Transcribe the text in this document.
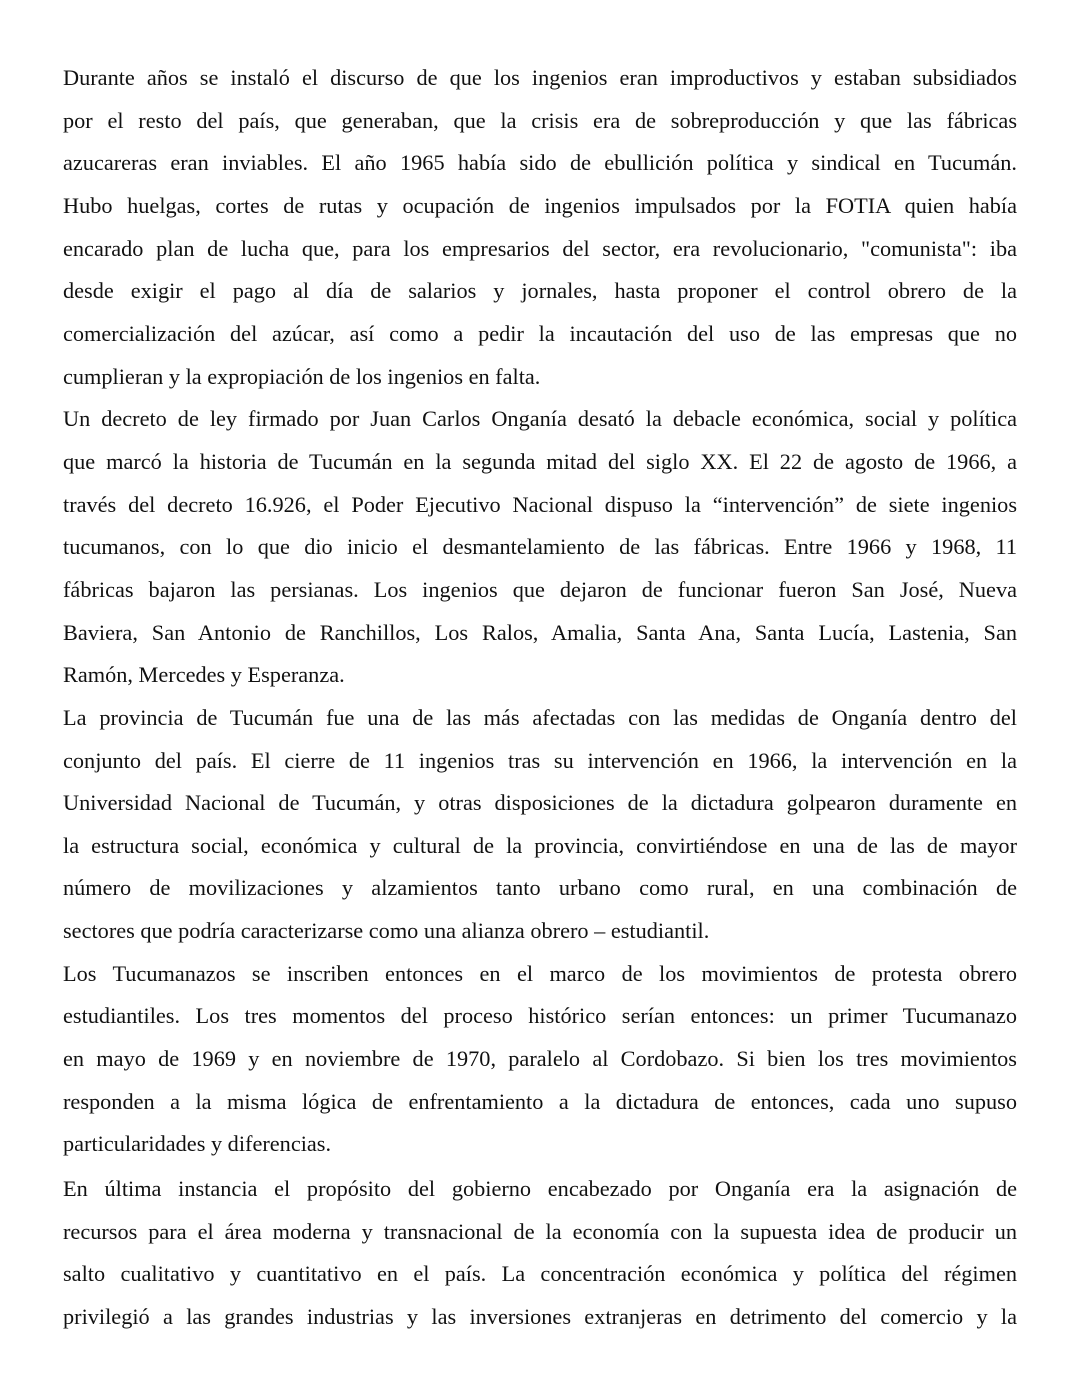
Durante años se instaló el discurso de que los ingenios eran improductivos y estaban subsidiados
por el resto del país, que generaban, que la crisis era de sobreproducción y que las fábricas
azucareras eran inviables. El año 1965 había sido de ebullición política y sindical en Tucumán.
Hubo huelgas, cortes de rutas y ocupación de ingenios impulsados por la FOTIA quien había
encarado plan de lucha que, para los empresarios del sector, era revolucionario, "comunista": iba
desde exigir el pago al día de salarios y jornales, hasta proponer el control obrero de la
comercialización del azúcar, así como a pedir la incautación del uso de las empresas que no
cumplieran y la expropiación de los ingenios en falta.
Un decreto de ley firmado por Juan Carlos Onganía desató la debacle económica, social y política
que marcó la historia de Tucumán en la segunda mitad del siglo XX. El 22 de agosto de 1966, a
través del decreto 16.926, el Poder Ejecutivo Nacional dispuso la “intervención” de siete ingenios
tucumanos, con lo que dio inicio el desmantelamiento de las fábricas. Entre 1966 y 1968, 11
fábricas bajaron las persianas. Los ingenios que dejaron de funcionar fueron San José, Nueva
Baviera, San Antonio de Ranchillos, Los Ralos, Amalia, Santa Ana, Santa Lucía, Lastenia, San
Ramón, Mercedes y Esperanza.
La provincia de Tucumán fue una de las más afectadas con las medidas de Onganía dentro del
conjunto del país. El cierre de 11 ingenios tras su intervención en 1966, la intervención en la
Universidad Nacional de Tucumán, y otras disposiciones de la dictadura golpearon duramente en
la estructura social, económica y cultural de la provincia, convirtiéndose en una de las de mayor
número de movilizaciones y alzamientos tanto urbano como rural, en una combinación de
sectores que podría caracterizarse como una alianza obrero – estudiantil.
Los Tucumanazos se inscriben entonces en el marco de los movimientos de protesta obrero
estudiantiles. Los tres momentos del proceso histórico serían entonces: un primer Tucumanazo
en mayo de 1969 y en noviembre de 1970, paralelo al Cordobazo. Si bien los tres movimientos
responden a la misma lógica de enfrentamiento a la dictadura de entonces, cada uno supuso
particularidades y diferencias.
En última instancia el propósito del gobierno encabezado por Onganía era la asignación de
recursos para el área moderna y transnacional de la economía con la supuesta idea de producir un
salto cualitativo y cuantitativo en el país. La concentración económica y política del régimen
privilegió a las grandes industrias y las inversiones extranjeras en detrimento del comercio y la
